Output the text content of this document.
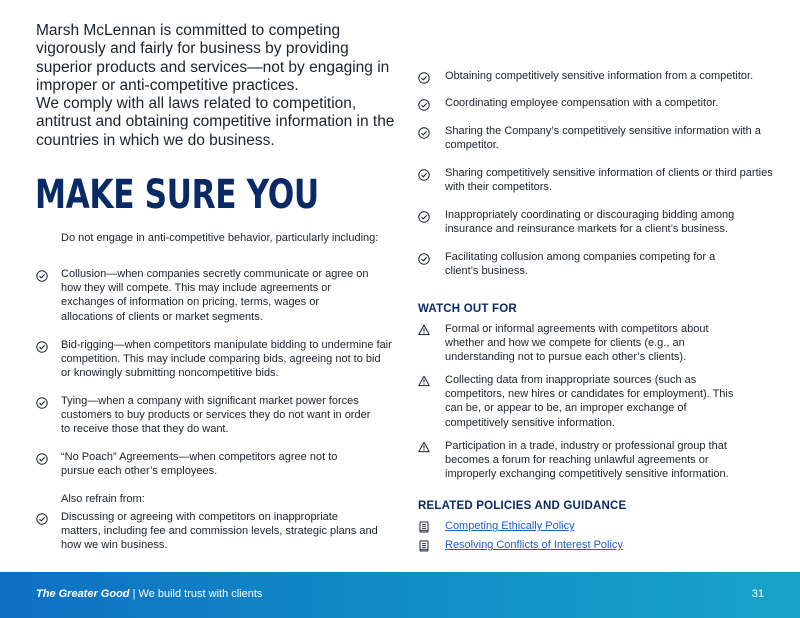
Marsh McLennan is committed to competing vigorously and fairly for business by providing superior products and services—not by engaging in improper or anti-competitive practices.

We comply with all laws related to competition, antitrust and obtaining competitive information in the countries in which we do business.

MAKE SURE YOU
Do not engage in anti-competitive behavior, particularly including:
Collusion—when companies secretly communicate or agree on how they will compete. This may include agreements or exchanges of information on pricing, terms, wages or allocations of clients or market segments.
Bid-rigging—when competitors manipulate bidding to undermine fair competition. This may include comparing bids, agreeing not to bid or knowingly submitting noncompetitive bids.
Tying—when a company with significant market power forces customers to buy products or services they do not want in order to receive those that they do want.
“No Poach” Agreements—when competitors agree not to pursue each other’s employees.
Also refrain from:
Discussing or agreeing with competitors on inappropriate matters, including fee and commission levels, strategic plans and how we win business.
Obtaining competitively sensitive information from a competitor.
Coordinating employee compensation with a competitor.
Sharing the Company’s competitively sensitive information with a competitor.
Sharing competitively sensitive information of clients or third parties with their competitors.
Inappropriately coordinating or discouraging bidding among insurance and reinsurance markets for a client’s business.
Facilitating collusion among companies competing for a client’s business.
WATCH OUT FOR
Formal or informal agreements with competitors about whether and how we compete for clients (e.g., an understanding not to pursue each other’s clients).
Collecting data from inappropriate sources (such as competitors, new hires or candidates for employment). This can be, or appear to be, an improper exchange of competitively sensitive information.
Participation in a trade, industry or professional group that becomes a forum for reaching unlawful agreements or improperly exchanging competitively sensitive information.
RELATED POLICIES AND GUIDANCE
Competing Ethically Policy
Resolving Conflicts of Interest Policy
The Greater Good | We build trust with clients	31
